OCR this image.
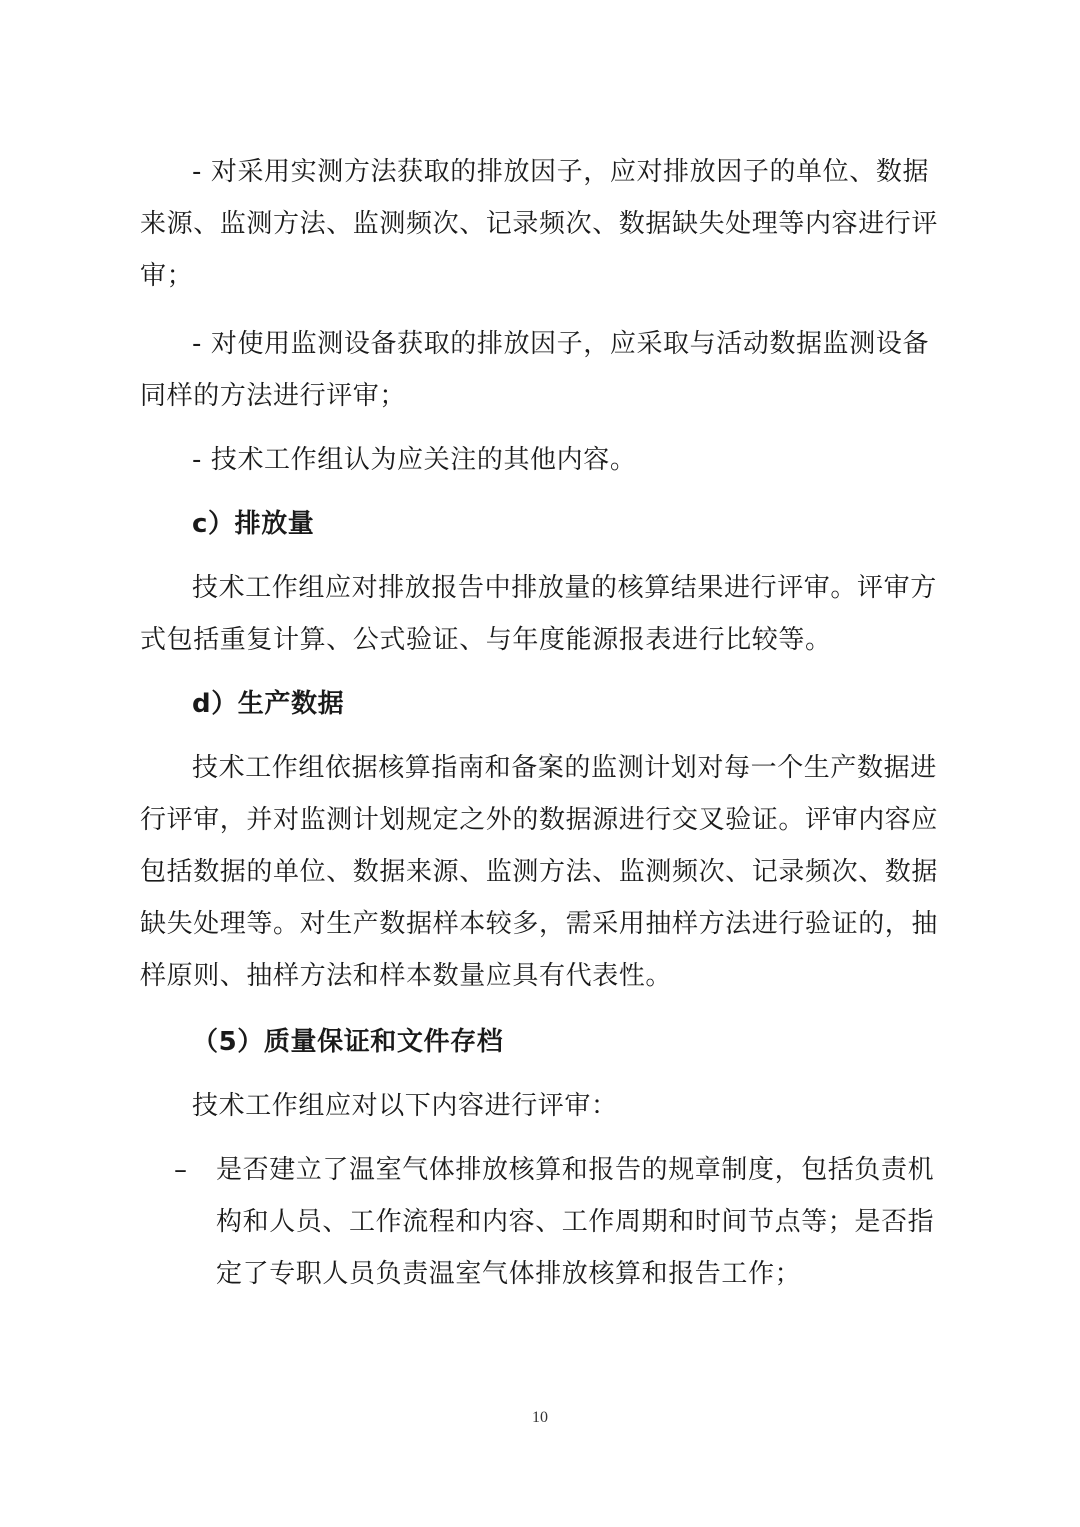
- 对采用实测方法获取的排放因子，应对排放因子的单位、数据来源、监测方法、监测频次、记录频次、数据缺失处理等内容进行评审；
- 对使用监测设备获取的排放因子，应采取与活动数据监测设备同样的方法进行评审；
- 技术工作组认为应关注的其他内容。
c）排放量
技术工作组应对排放报告中排放量的核算结果进行评审。评审方式包括重复计算、公式验证、与年度能源报表进行比较等。
d）生产数据
技术工作组依据核算指南和备案的监测计划对每一个生产数据进行评审，并对监测计划规定之外的数据源进行交叉验证。评审内容应包括数据的单位、数据来源、监测方法、监测频次、记录频次、数据缺失处理等。对生产数据样本较多，需采用抽样方法进行验证的，抽样原则、抽样方法和样本数量应具有代表性。
（5）质量保证和文件存档
技术工作组应对以下内容进行评审：
– 是否建立了温室气体排放核算和报告的规章制度，包括负责机构和人员、工作流程和内容、工作周期和时间节点等；是否指定了专职人员负责温室气体排放核算和报告工作；
10
